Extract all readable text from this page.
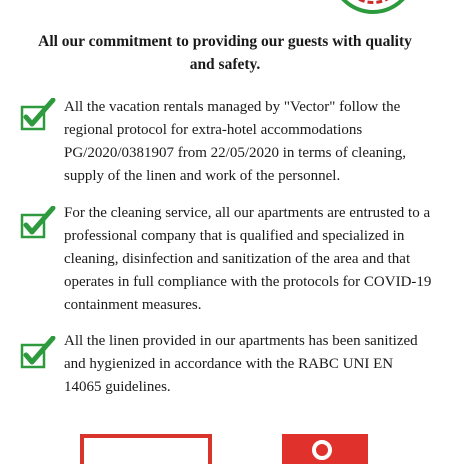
All our commitment to providing our guests with quality and safety.

All the vacation rentals managed by "Vector" follow the regional protocol for extra-hotel accommodations PG/2020/0381907 from 22/05/2020 in terms of cleaning, supply of the linen and work of the personnel.

For the cleaning service, all our apartments are entrusted to a professional company that is qualified and specialized in cleaning, disinfection and sanitization of the area and that operates in full compliance with the protocols for COVID-19 containment measures.

All the linen provided in our apartments has been sanitized and hygienized in accordance with the RABC UNI EN 14065 guidelines.
